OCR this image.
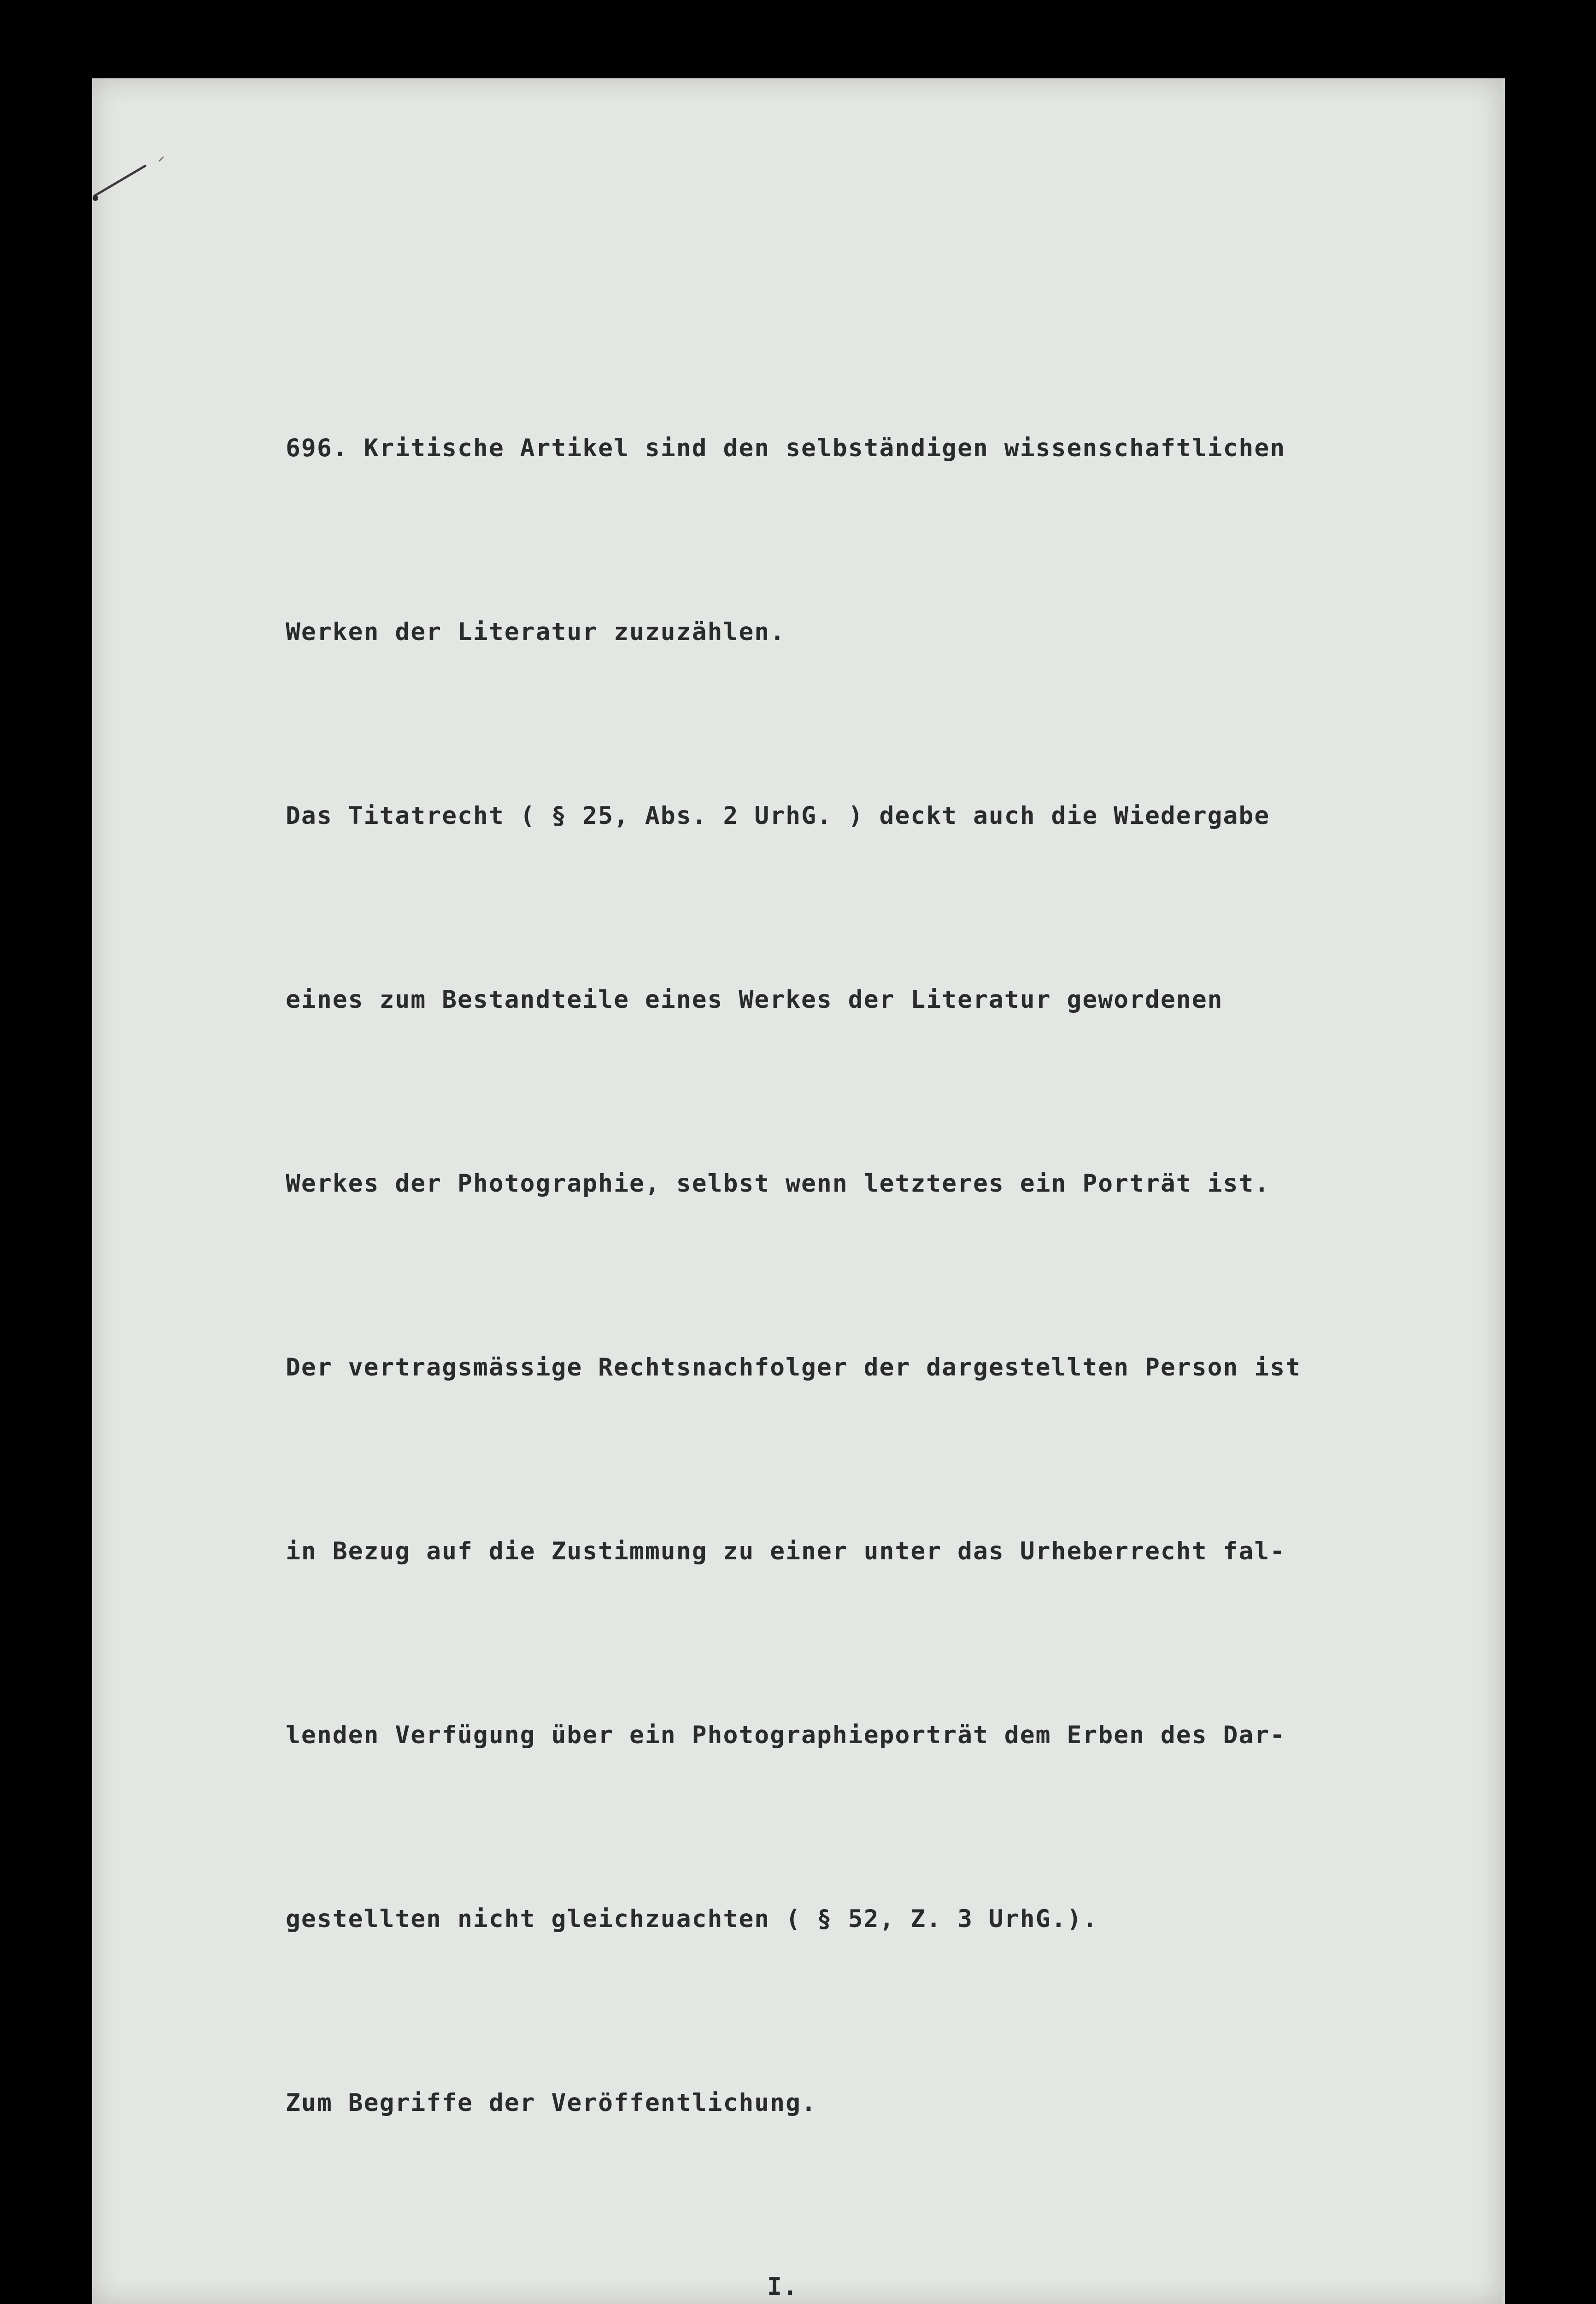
696. Kritische Artikel sind den selbständigen wissenschaftlichen

Werken der Literatur zuzuzählen.

Das Titatrecht ( § 25, Abs. 2 UrhG. ) deckt auch die Wiedergabe

eines zum Bestandteile eines Werkes der Literatur gewordenen

Werkes der Photographie, selbst wenn letzteres ein Porträt ist.

Der vertragsmässige Rechtsnachfolger der dargestellten Person ist

in Bezug auf die Zustimmung zu einer unter das Urheberrecht fal-

lenden Verfügung über ein Photographieporträt dem Erben des Dar-

gestellten nicht gleichzuachten ( § 52, Z. 3 UrhG.).

Zum Begriffe der Veröffentlichung.

I.
